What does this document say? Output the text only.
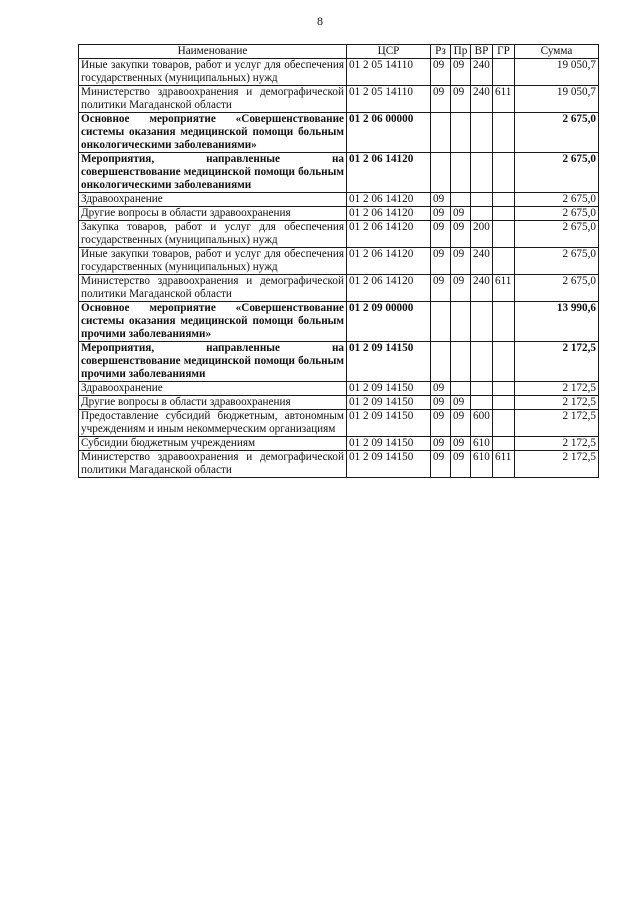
8
Наименование	ЦСР	Рз	Пр	ВР	ГР	Сумма
Иные закупки товаров, работ и услуг для обеспечения государственных (муниципальных) нужд	01 2 05 14110	09	09	240		19 050,7
Министерство здравоохранения и демографической политики Магаданской области	01 2 05 14110	09	09	240	611	19 050,7
Основное мероприятие «Совершенствование системы оказания медицинской помощи больным онкологическими заболеваниями»	01 2 06 00000					2 675,0
Мероприятия, направленные на совершенствование медицинской помощи больным онкологическими заболеваниями	01 2 06 14120					2 675,0
Здравоохранение	01 2 06 14120	09				2 675,0
Другие вопросы в области здравоохранения	01 2 06 14120	09	09			2 675,0
Закупка товаров, работ и услуг для обеспечения государственных (муниципальных) нужд	01 2 06 14120	09	09	200		2 675,0
Иные закупки товаров, работ и услуг для обеспечения государственных (муниципальных) нужд	01 2 06 14120	09	09	240		2 675,0
Министерство здравоохранения и демографической политики Магаданской области	01 2 06 14120	09	09	240	611	2 675,0
Основное мероприятие «Совершенствование системы оказания медицинской помощи больным прочими заболеваниями»	01 2 09 00000					13 990,6
Мероприятия, направленные на совершенствование медицинской помощи больным прочими заболеваниями	01 2 09 14150					2 172,5
Здравоохранение	01 2 09 14150	09				2 172,5
Другие вопросы в области здравоохранения	01 2 09 14150	09	09			2 172,5
Предоставление субсидий бюджетным, автономным учреждениям и иным некоммерческим организациям	01 2 09 14150	09	09	600		2 172,5
Субсидии бюджетным учреждениям	01 2 09 14150	09	09	610		2 172,5
Министерство здравоохранения и демографической политики Магаданской области	01 2 09 14150	09	09	610	611	2 172,5
